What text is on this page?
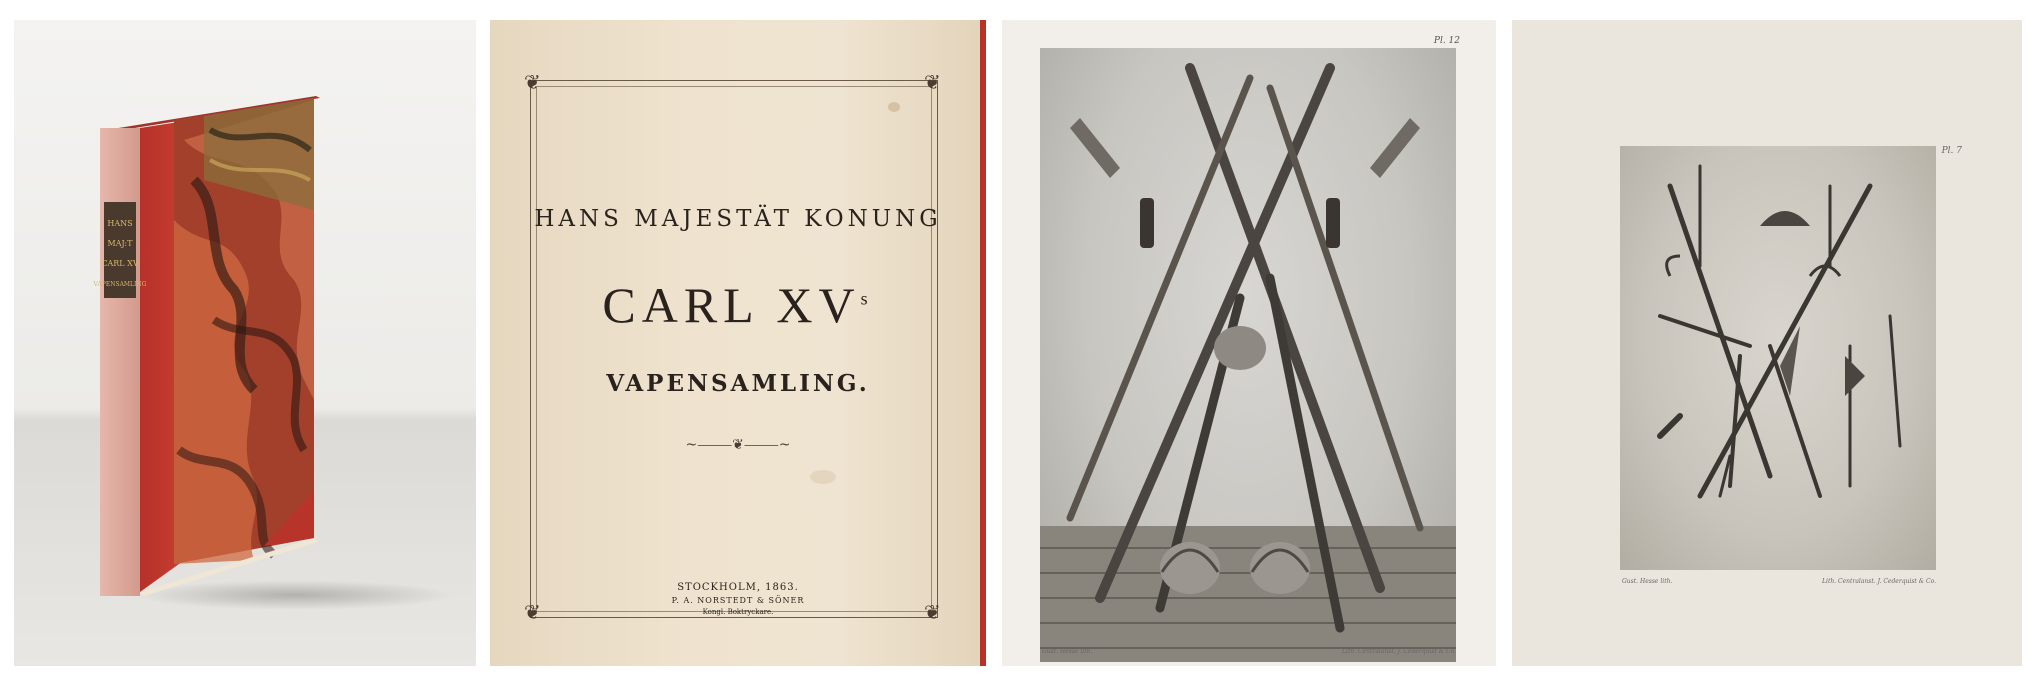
HANS
MAJ:T
CARL XV
VAPENSAMLING
❦	❦
❦	❦
HANS MAJESTÄT KONUNG
CARL $XV^s$
VAPENSAMLING.
~⸻❦⸻~
STOCKHOLM, 1863.
P. A. NORSTEDT & SÖNER
Kongl. Boktryckare.
Pl. 12
Gust. Hesse lith.	Lith. Centralanst. J. Cederquist & Co.
Pl. 7
Gust. Hesse lith.	Lith. Centralanst. J. Cederquist & Co.
